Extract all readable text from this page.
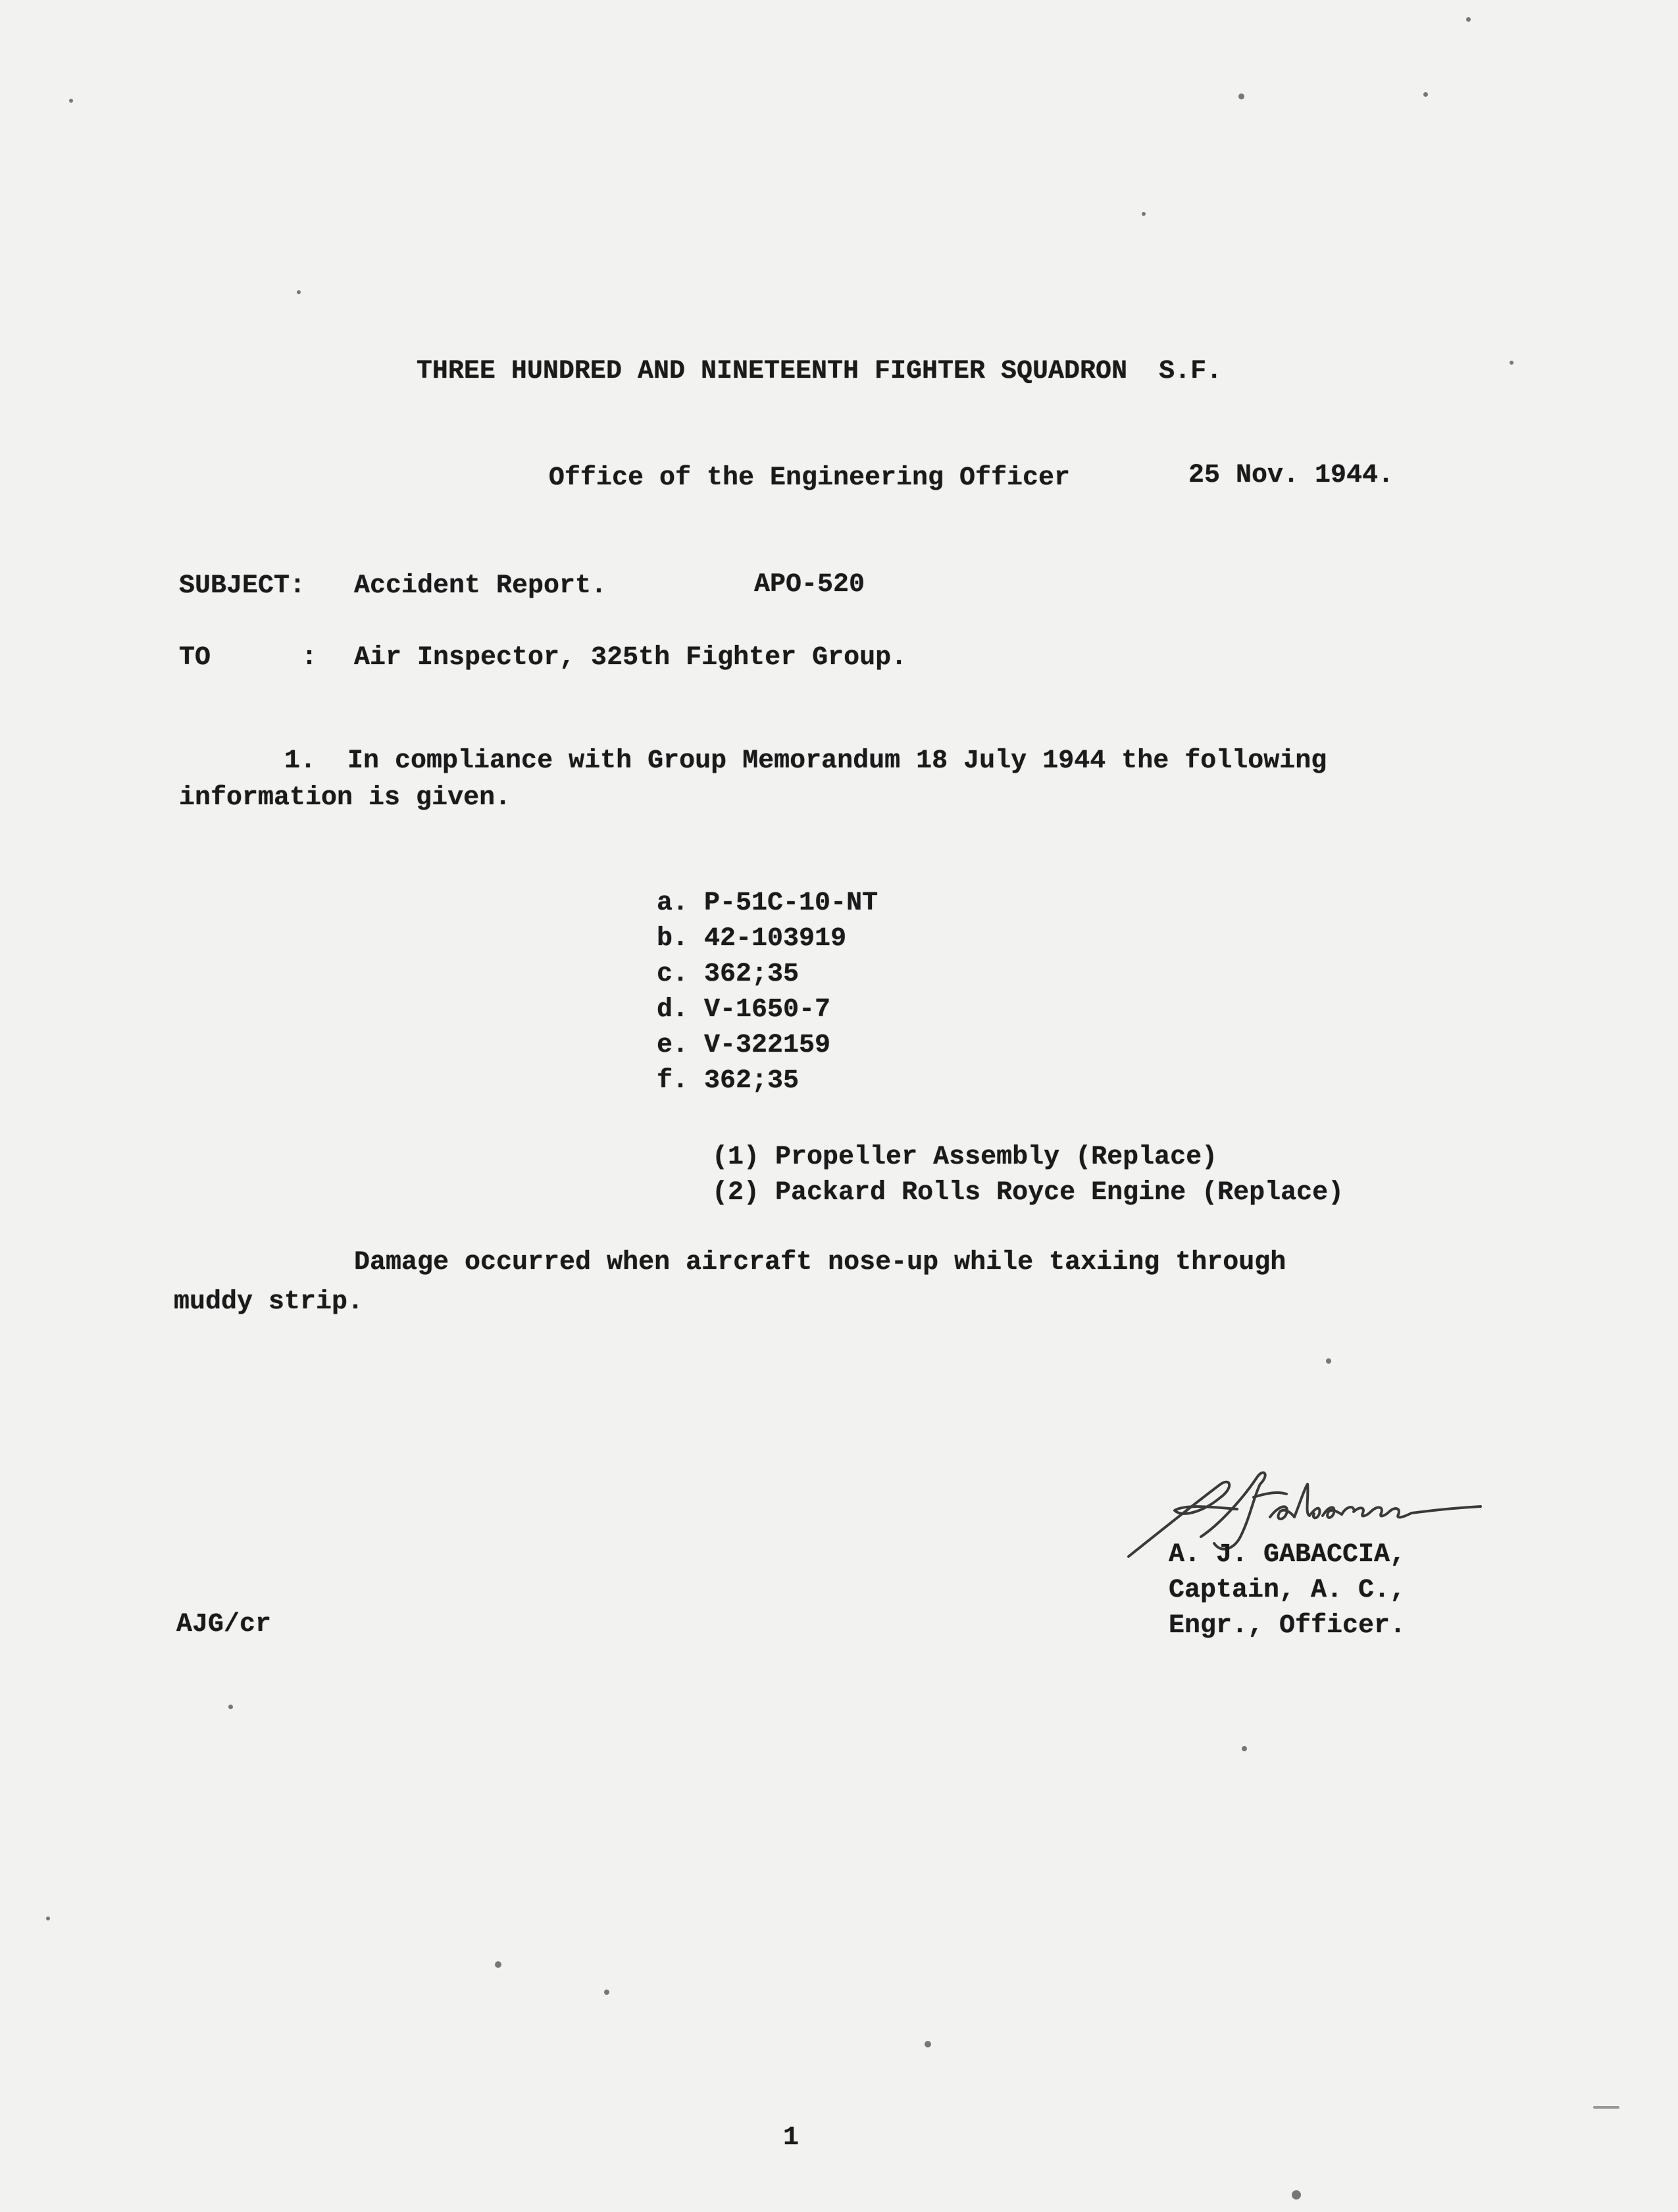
THREE HUNDRED AND NINETEENTH FIGHTER SQUADRON S.F.

Office of the Engineering Officer

APO-520

25 Nov. 1944.
SUBJECT: Accident Report.
TO	: Air Inspector, 325th Fighter Group.
1.  In compliance with Group Memorandum 18 July 1944 the following
information is given.
a. P-51C-10-NT
b. 42-103919
c. 362;35
d. V-1650-7
e. V-322159
f. 362;35
(1) Propeller Assembly (Replace)
(2) Packard Rolls Royce Engine (Replace)
Damage occurred when aircraft nose-up while taxiing through
muddy strip.
A. J. GABACCIA,
Captain, A. C.,
Engr., Officer.
AJG/cr
1
